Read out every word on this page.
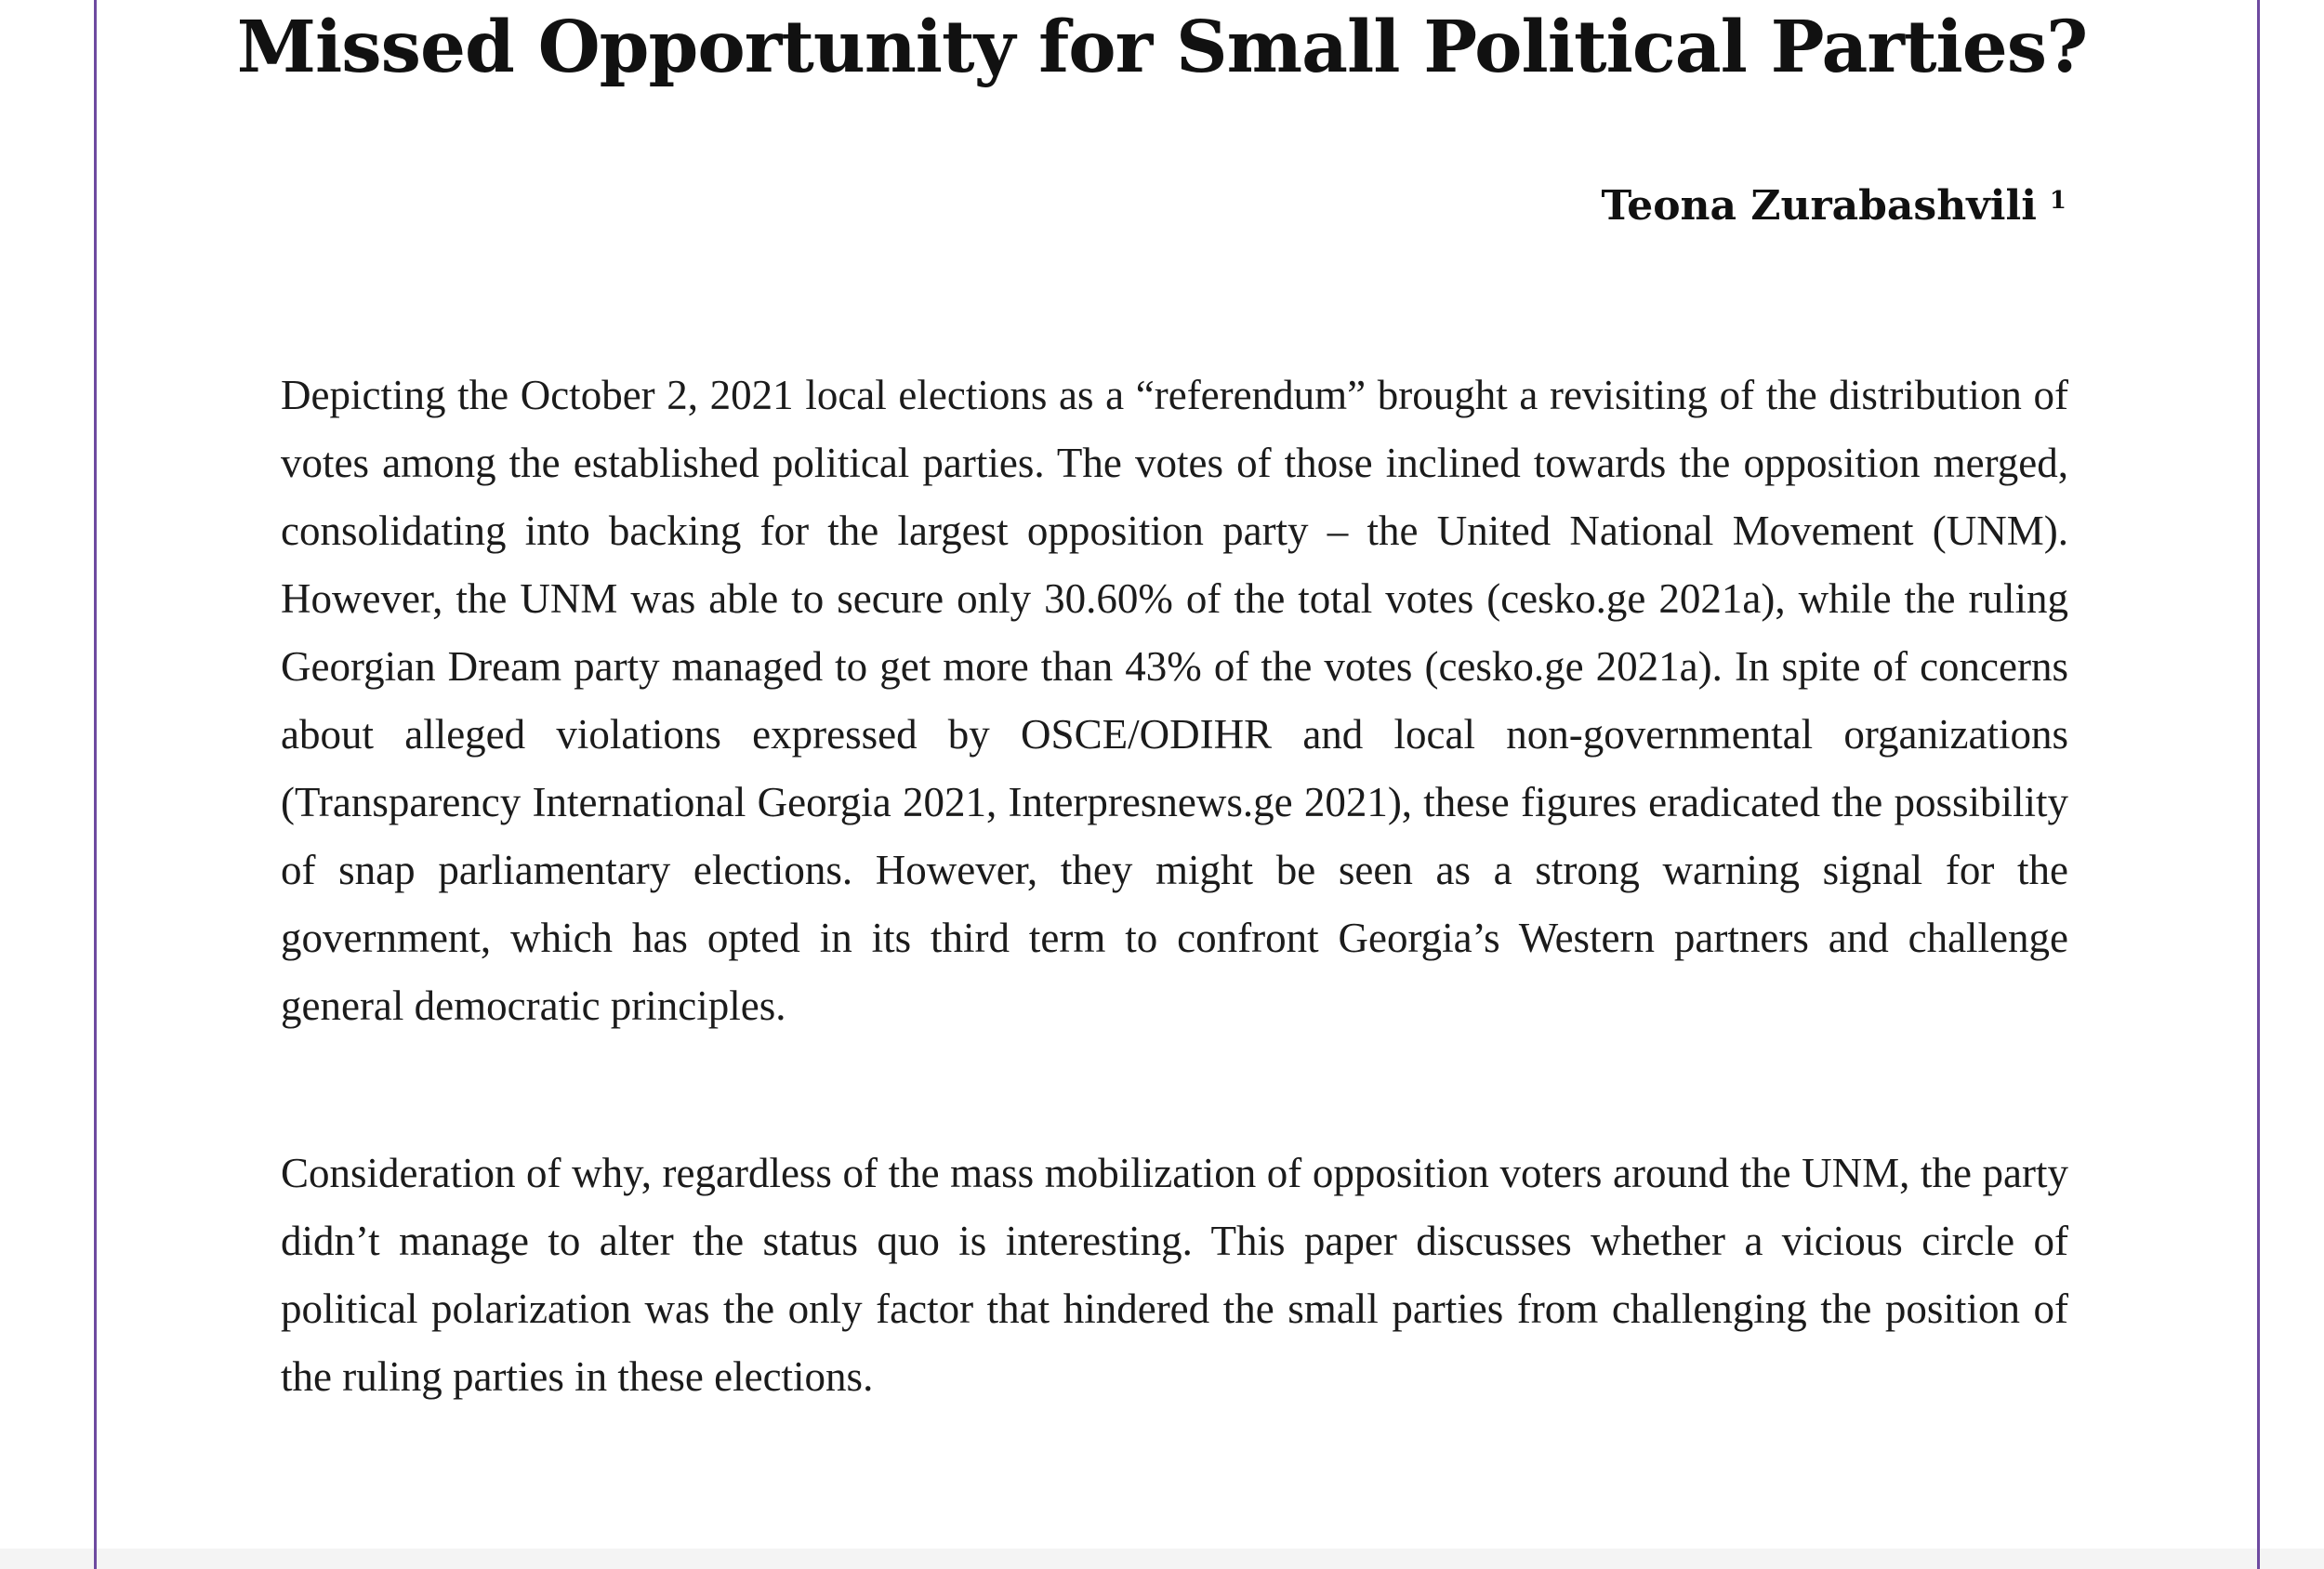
Missed Opportunity for Small Political Parties?
Teona Zurabashvili $^1$

Depicting the October 2, 2021 local elections as a “referendum” brought a revisiting of the distribution of votes among the established political parties. The votes of those inclined towards the opposition merged, consolidating into backing for the largest opposition party – the United National Movement (UNM). However, the UNM was able to secure only 30.60% of the total votes (cesko.ge 2021a), while the ruling Georgian Dream party managed to get more than 43% of the votes (cesko.ge 2021a). In spite of concerns about alleged violations expressed by OSCE/ODIHR and local non-governmental organizations (Transparency International Georgia 2021, Interpresnews.ge 2021), these figures eradicated the possibility of snap parliamentary elections. However, they might be seen as a strong warning signal for the government, which has opted in its third term to confront Georgia’s Western partners and challenge general democratic principles.

Consideration of why, regardless of the mass mobilization of opposition voters around the UNM, the party didn’t manage to alter the status quo is interesting. This paper discusses whether a vicious circle of political polarization was the only factor that hindered the small parties from challenging the position of the ruling parties in these elections.
